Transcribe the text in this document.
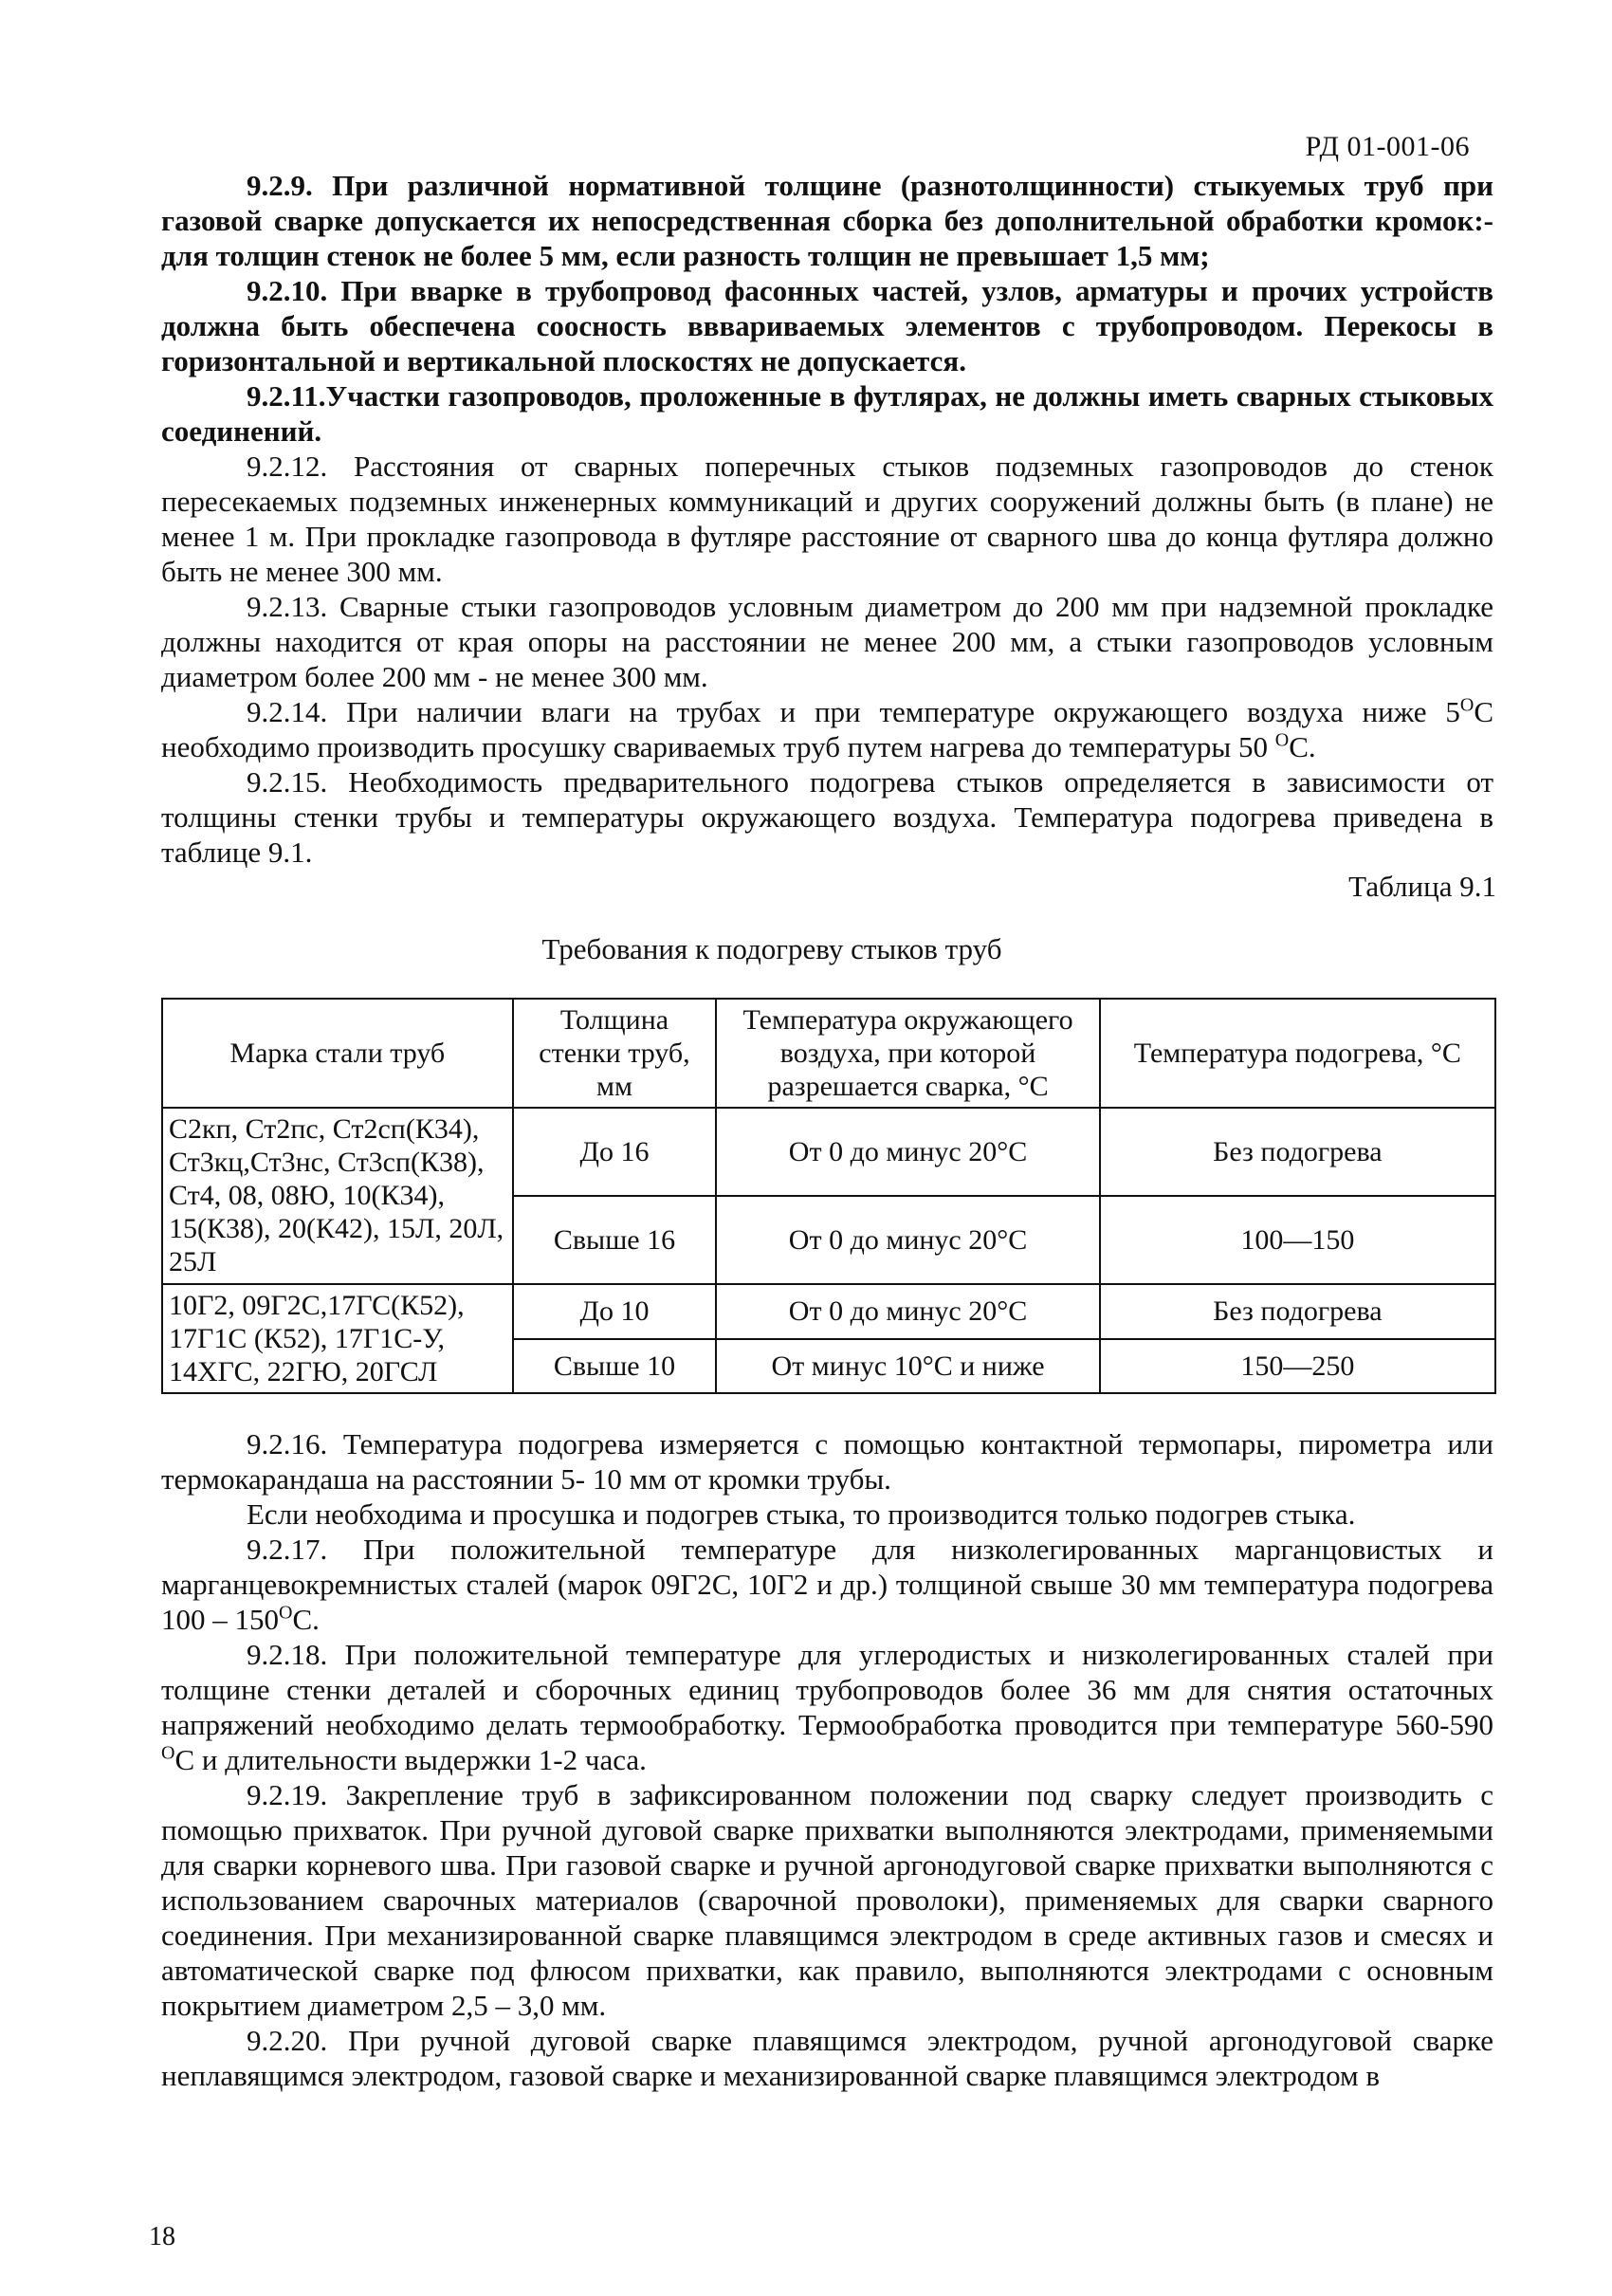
РД 01-001-06

9.2.9. При различной нормативной толщине (разнотолщинности) стыкуемых труб при газовой сварке допускается их непосредственная сборка без дополнительной обработки кромок:- для толщин стенок не более 5 мм, если разность толщин не превышает 1,5 мм;

9.2.10. При вварке в трубопровод фасонных частей, узлов, арматуры и прочих устройств должна быть обеспечена соосность вввариваемых элементов с трубопроводом. Перекосы в горизонтальной и вертикальной плоскостях не допускается.

9.2.11.Участки газопроводов, проложенные в футлярах, не должны иметь сварных стыковых соединений.

9.2.12. Расстояния от сварных поперечных стыков подземных газопроводов до стенок пересекаемых подземных инженерных коммуникаций и других сооружений должны быть (в плане) не менее 1 м. При прокладке газопровода в футляре расстояние от сварного шва до конца футляра должно быть не менее 300 мм.

9.2.13. Сварные стыки газопроводов условным диаметром до 200 мм при надземной прокладке должны находится от края опоры на расстоянии не менее 200 мм, а стыки газопроводов условным диаметром более 200 мм - не менее 300 мм.

9.2.14. При наличии влаги на трубах и при температуре окружающего воздуха ниже $5^OС$ необходимо производить просушку свариваемых труб путем нагрева до температуры 50 $^O$С.

9.2.15. Необходимость предварительного подогрева стыков определяется в зависимости от толщины стенки трубы и температуры окружающего воздуха. Температура подогрева приведена в таблице 9.1.

Таблица 9.1
Требования к подогреву стыков труб
Марка стали труб	Толщина стенки труб, мм	Температура окружающего воздуха, при которой разрешается сварка, °С	Температура подогрева, °С
С2кп, Ст2пс, Ст2сп(К34), Ст3кц,Ст3нс, Ст3сп(К38), Ст4, 08, 08Ю, 10(К34), 15(К38), 20(К42), 15Л, 20Л, 25Л	До 16	От 0 до минус 20°С	Без подогрева
	Свыше 16	От 0 до минус 20°С	100—150
10Г2, 09Г2С,17ГС(К52), 17Г1С (К52), 17Г1С-У, 14ХГС, 22ГЮ, 20ГСЛ	До 10	От 0 до минус 20°С	Без подогрева
	Свыше 10	От минус 10°С и ниже	150—250

9.2.16. Температура подогрева измеряется с помощью контактной термопары, пирометра или термокарандаша на расстоянии 5- 10 мм от кромки трубы.

Если необходима и просушка и подогрев стыка, то производится только подогрев стыка.

9.2.17. При положительной температуре для низколегированных марганцовистых и марганцевокремнистых сталей (марок 09Г2С, 10Г2 и др.) толщиной свыше 30 мм температура подогрева $100 - 150^OС$.

9.2.18. При положительной температуре для углеродистых и низколегированных сталей при толщине стенки деталей и сборочных единиц трубопроводов более 36 мм для снятия остаточных напряжений необходимо делать термообработку. Термообработка проводится при температуре 560-590 $^O$С и длительности выдержки 1-2 часа.

9.2.19. Закрепление труб в зафиксированном положении под сварку следует производить с помощью прихваток. При ручной дуговой сварке прихватки выполняются электродами, применяемыми для сварки корневого шва. При газовой сварке и ручной аргонодуговой сварке прихватки выполняются с использованием сварочных материалов (сварочной проволоки), применяемых для сварки сварного соединения. При механизированной сварке плавящимся электродом в среде активных газов и смесях и автоматической сварке под флюсом прихватки, как правило, выполняются электродами с основным покрытием диаметром 2,5 – 3,0 мм.

9.2.20. При ручной дуговой сварке плавящимся электродом, ручной аргонодуговой сварке неплавящимся электродом, газовой сварке и механизированной сварке плавящимся электродом в

18
